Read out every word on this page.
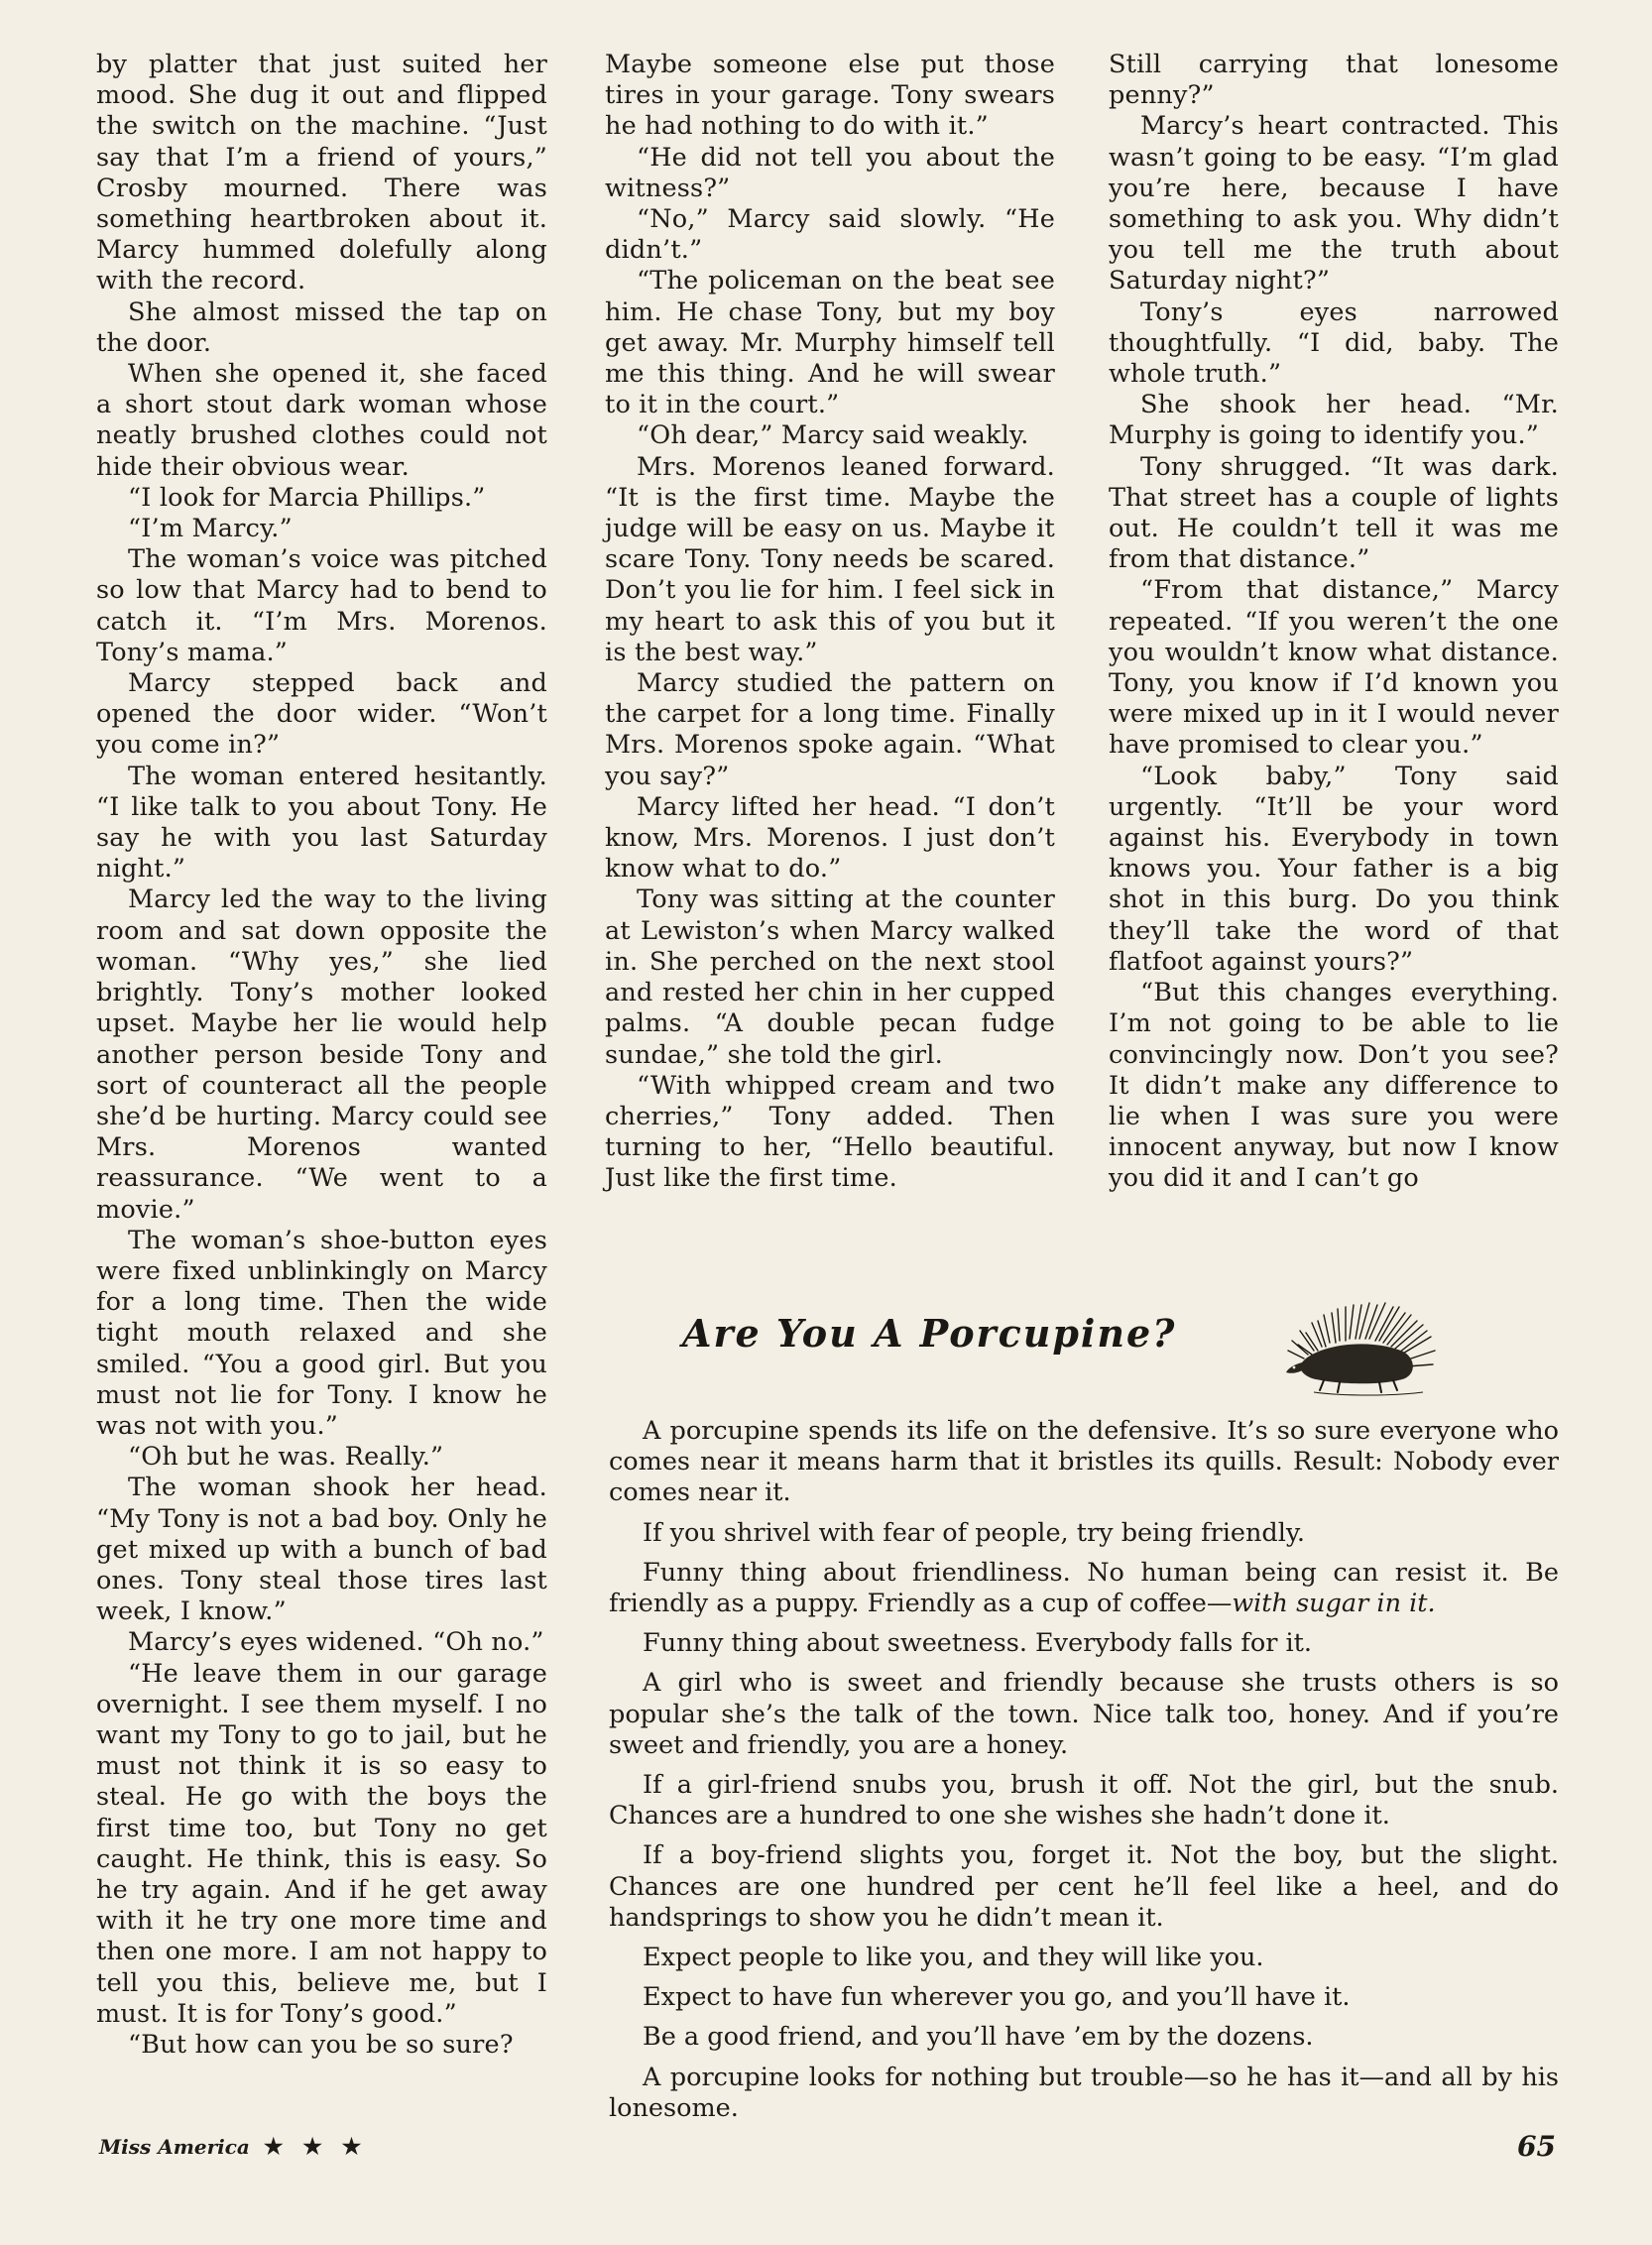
by platter that just suited her mood. She dug it out and flipped the switch on the machine. “Just say that I’m a friend of yours,” Crosby mourned. There was something heartbroken about it. Marcy hummed dolefully along with the record.

She almost missed the tap on the door.

When she opened it, she faced a short stout dark woman whose neatly brushed clothes could not hide their obvious wear.

“I look for Marcia Phillips.”

“I’m Marcy.”

The woman’s voice was pitched so low that Marcy had to bend to catch it. “I’m Mrs. Morenos. Tony’s mama.”

Marcy stepped back and opened the door wider. “Won’t you come in?”

The woman entered hesitantly. “I like talk to you about Tony. He say he with you last Saturday night.”

Marcy led the way to the living room and sat down opposite the woman. “Why yes,” she lied brightly. Tony’s mother looked upset. Maybe her lie would help another person beside Tony and sort of counteract all the people she’d be hurting. Marcy could see Mrs. Morenos wanted reassurance. “We went to a movie.”

The woman’s shoe-button eyes were fixed unblinkingly on Marcy for a long time. Then the wide tight mouth relaxed and she smiled. “You a good girl. But you must not lie for Tony. I know he was not with you.”

“Oh but he was. Really.”

The woman shook her head. “My Tony is not a bad boy. Only he get mixed up with a bunch of bad ones. Tony steal those tires last week, I know.”

Marcy’s eyes widened. “Oh no.”

“He leave them in our garage overnight. I see them myself. I no want my Tony to go to jail, but he must not think it is so easy to steal. He go with the boys the first time too, but Tony no get caught. He think, this is easy. So he try again. And if he get away with it he try one more time and then one more. I am not happy to tell you this, believe me, but I must. It is for Tony’s good.”

“But how can you be so sure?

Maybe someone else put those tires in your garage. Tony swears he had nothing to do with it.”

“He did not tell you about the witness?”

“No,” Marcy said slowly. “He didn’t.”

“The policeman on the beat see him. He chase Tony, but my boy get away. Mr. Murphy himself tell me this thing. And he will swear to it in the court.”

“Oh dear,” Marcy said weakly.

Mrs. Morenos leaned forward. “It is the first time. Maybe the judge will be easy on us. Maybe it scare Tony. Tony needs be scared. Don’t you lie for him. I feel sick in my heart to ask this of you but it is the best way.”

Marcy studied the pattern on the carpet for a long time. Finally Mrs. Morenos spoke again. “What you say?”

Marcy lifted her head. “I don’t know, Mrs. Morenos. I just don’t know what to do.”

Tony was sitting at the counter at Lewiston’s when Marcy walked in. She perched on the next stool and rested her chin in her cupped palms. “A double pecan fudge sundae,” she told the girl.

“With whipped cream and two cherries,” Tony added. Then turning to her, “Hello beautiful. Just like the first time.

Still carrying that lonesome penny?”

Marcy’s heart contracted. This wasn’t going to be easy. “I’m glad you’re here, because I have something to ask you. Why didn’t you tell me the truth about Saturday night?”

Tony’s eyes narrowed thoughtfully. “I did, baby. The whole truth.”

She shook her head. “Mr. Murphy is going to identify you.”

Tony shrugged. “It was dark. That street has a couple of lights out. He couldn’t tell it was me from that distance.”

“From that distance,” Marcy repeated. “If you weren’t the one you wouldn’t know what distance. Tony, you know if I’d known you were mixed up in it I would never have promised to clear you.”

“Look baby,” Tony said urgently. “It’ll be your word against his. Everybody in town knows you. Your father is a big shot in this burg. Do you think they’ll take the word of that flatfoot against yours?”

“But this changes everything. I’m not going to be able to lie convincingly now. Don’t you see? It didn’t make any difference to lie when I was sure you were innocent anyway, but now I know you did it and I can’t go

Are You A Porcupine?

A porcupine spends its life on the defensive. It’s so sure everyone who comes near it means harm that it bristles its quills. Result: Nobody ever comes near it.

If you shrivel with fear of people, try being friendly.

Funny thing about friendliness. No human being can resist it. Be friendly as a puppy. Friendly as a cup of coffee—with sugar in it.

Funny thing about sweetness. Everybody falls for it.

A girl who is sweet and friendly because she trusts others is so popular she’s the talk of the town. Nice talk too, honey. And if you’re sweet and friendly, you are a honey.

If a girl-friend snubs you, brush it off. Not the girl, but the snub. Chances are a hundred to one she wishes she hadn’t done it.

If a boy-friend slights you, forget it. Not the boy, but the slight. Chances are one hundred per cent he’ll feel like a heel, and do handsprings to show you he didn’t mean it.

Expect people to like you, and they will like you.

Expect to have fun wherever you go, and you’ll have it.

Be a good friend, and you’ll have ’em by the dozens.

A porcupine looks for nothing but trouble—so he has it—and all by his lonesome.

Miss America ★ ★ ★	65
